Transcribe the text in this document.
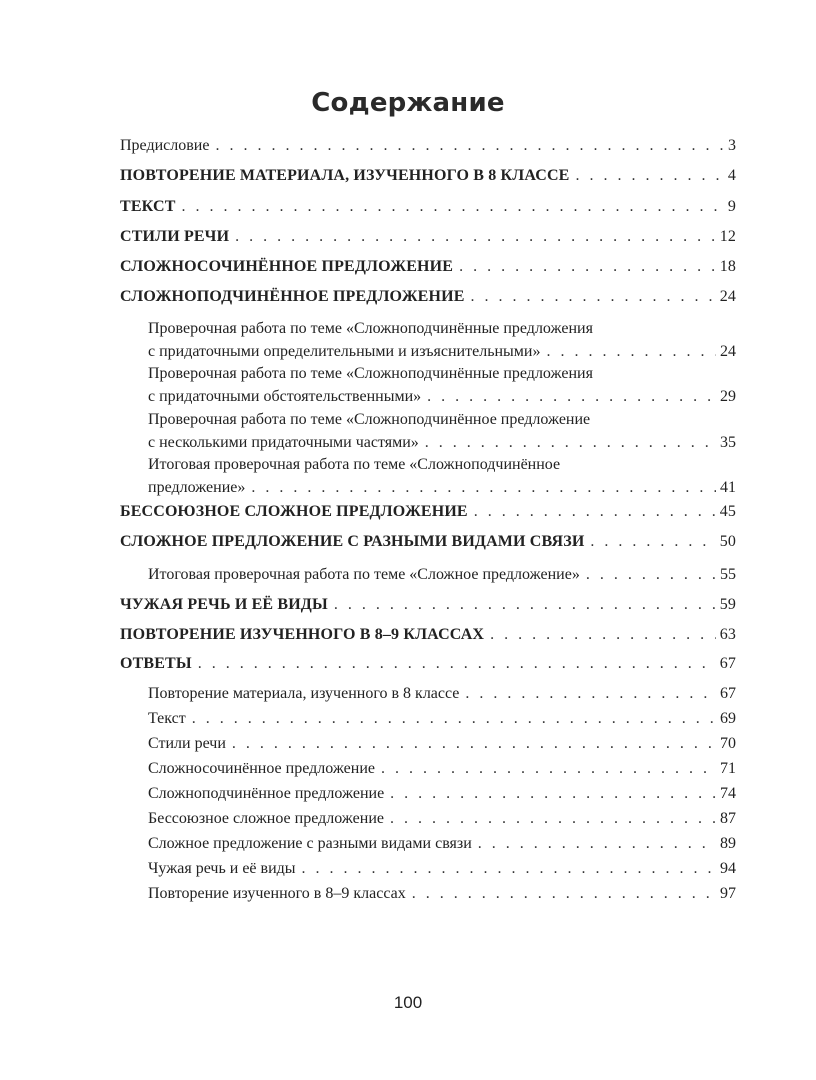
Содержание
Предисловие . . .	3
ПОВТОРЕНИЕ МАТЕРИАЛА, ИЗУЧЕННОГО В 8 КЛАССЕ . . .	4
ТЕКСТ . . .	9
СТИЛИ РЕЧИ . . .	12
СЛОЖНОСОЧИНЁННОЕ ПРЕДЛОЖЕНИЕ . . .	18
СЛОЖНОПОДЧИНЁННОЕ ПРЕДЛОЖЕНИЕ . . .	24
Проверочная работа по теме «Сложноподчинённые предложения
с придаточными определительными и изъяснительными» . . .	24
Проверочная работа по теме «Сложноподчинённые предложения
с придаточными обстоятельственными» . . .	29
Проверочная работа по теме «Сложноподчинённое предложение
с несколькими придаточными частями» . . .	35
Итоговая проверочная работа по теме «Сложноподчинённое
предложение» . . .	41
БЕССОЮЗНОЕ СЛОЖНОЕ ПРЕДЛОЖЕНИЕ . . .	45
СЛОЖНОЕ ПРЕДЛОЖЕНИЕ С РАЗНЫМИ ВИДАМИ СВЯЗИ . . .	50
Итоговая проверочная работа по теме «Сложное предложение» . . .	55
ЧУЖАЯ РЕЧЬ И ЕЁ ВИДЫ . . .	59
ПОВТОРЕНИЕ ИЗУЧЕННОГО В 8–9 КЛАССАХ . . .	63
ОТВЕТЫ . . .	67
Повторение материала, изученного в 8 классе . . .	67
Текст . . .	69
Стили речи . . .	70
Сложносочинённое предложение . . .	71
Сложноподчинённое предложение . . .	74
Бессоюзное сложное предложение . . .	87
Сложное предложение с разными видами связи . . .	89
Чужая речь и её виды . . .	94
Повторение изученного в 8–9 классах . . .	97
100
